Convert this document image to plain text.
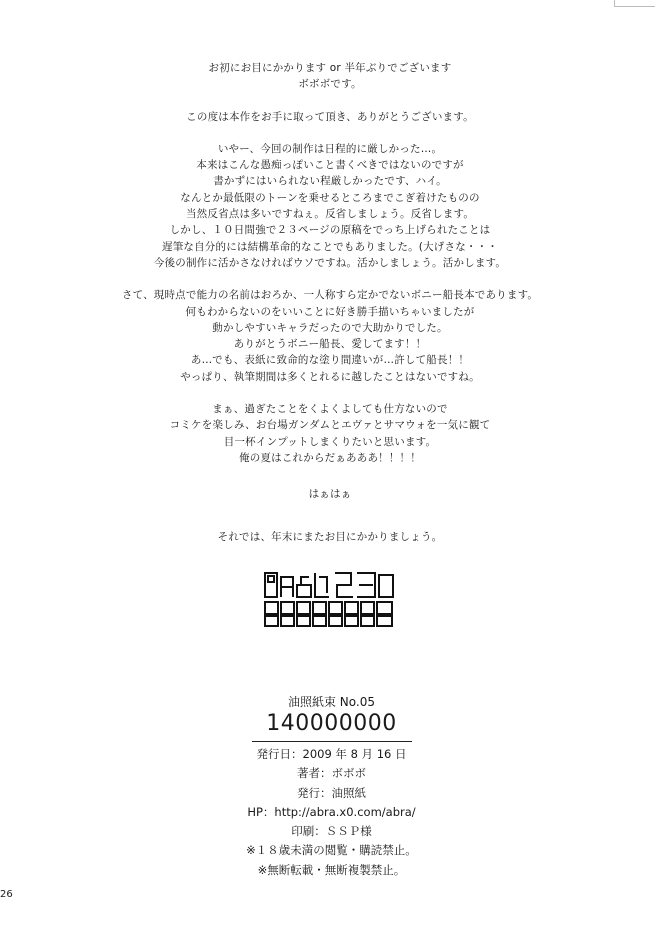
お初にお目にかかります or 半年ぶりでございます
ボボボです。
この度は本作をお手に取って頂き、ありがとうございます。
いやー、今回の制作は日程的に厳しかった…。
本来はこんな愚痴っぽいこと書くべきではないのですが
書かずにはいられない程厳しかったです、ハイ。
なんとか最低限のトーンを乗せるところまでこぎ着けたものの
当然反省点は多いですねぇ。反省しましょう。反省します。
しかし、１０日間強で２３ページの原稿をでっち上げられたことは
遅筆な自分的には結構革命的なことでもありました。(大げさな・・・
今後の制作に活かさなければウソですね。活かしましょう。活かします。
さて、現時点で能力の名前はおろか、一人称すら定かでないボニー船長本であります。
何もわからないのをいいことに好き勝手描いちゃいましたが
動かしやすいキャラだったので大助かりでした。
ありがとうボニー船長、愛してます！！
あ…でも、表紙に致命的な塗り間違いが…許して船長！！
やっぱり、執筆期間は多くとれるに越したことはないですね。
まぁ、過ぎたことをくよくよしても仕方ないので
コミケを楽しみ、お台場ガンダムとエヴァとサマウォを一気に観て
目一杯インプットしまくりたいと思います。
俺の夏はこれからだぁあああ！！！！
はぁはぁ
それでは、年末にまたお目にかかりましょう。
油照紙束 No.05
140000000
発行日：2009 年 8 月 16 日
著者：ボボボ
発行：油照紙
HP：http://abra.x0.com/abra/
印刷：ＳＳＰ様
※１８歳未満の閲覧・購読禁止。
※無断転載・無断複製禁止。
26
